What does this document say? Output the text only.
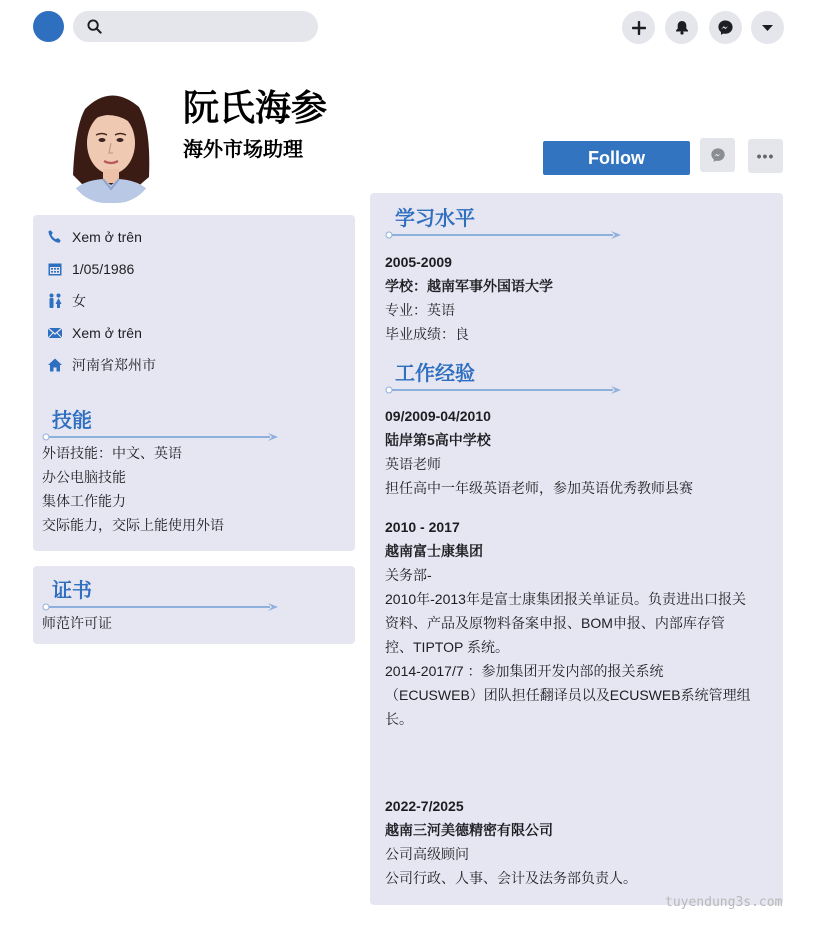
阮氏海参
海外市场助理	Follow	•••
Xem ở trên
1/05/1986
女
Xem ở trên
河南省郑州市
技能
外语技能：中文、英语
办公电脑技能
集体工作能力
交际能力，交际上能使用外语
证书
师范许可证
学习水平
2005-2009
学校：越南军事外国语大学
专业：英语
毕业成绩：良
工作经验
09/2009-04/2010
陆岸第5高中学校
英语老师
担任高中一年级英语老师，参加英语优秀教师县赛
2010 - 2017
越南富士康集团
关务部-
2010年-2013年是富士康集团报关单证员。负责进出口报关
资料、产品及原物料备案申报、BOM申报、内部库存管
控、TIPTOP 系统。
2014-2017/7 ：参加集团开发内部的报关系统
（ECUSWEB）团队担任翻译员以及ECUSWEB系统管理组
长。
2022-7/2025
越南三河美德精密有限公司
公司高级顾问
公司行政、人事、会计及法务部负责人。
tuyendung3s.com
